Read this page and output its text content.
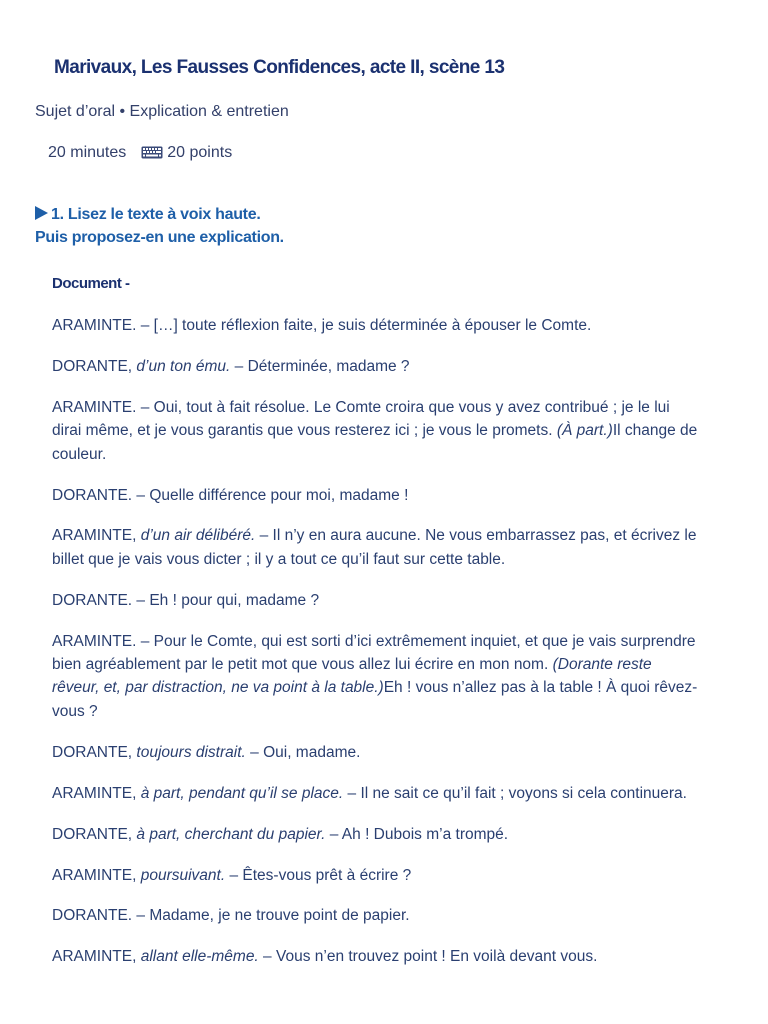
Marivaux, Les Fausses Confidences, acte II, scène 13
Sujet d’oral • Explication & entretien
20 minutes	20 points
1. Lisez le texte à voix haute.
Puis proposez-en une explication.
Document -

ARAMINTE. – […] toute réflexion faite, je suis déterminée à épouser le Comte.

DORANTE, d’un ton ému. – Déterminée, madame ?

ARAMINTE. – Oui, tout à fait résolue. Le Comte croira que vous y avez contribué ; je le lui dirai même, et je vous garantis que vous resterez ici ; je vous le promets. (À part.)Il change de couleur.

DORANTE. – Quelle différence pour moi, madame !

ARAMINTE, d’un air délibéré. – Il n’y en aura aucune. Ne vous embarrassez pas, et écrivez le billet que je vais vous dicter ; il y a tout ce qu’il faut sur cette table.

DORANTE. – Eh ! pour qui, madame ?

ARAMINTE. – Pour le Comte, qui est sorti d’ici extrêmement inquiet, et que je vais surprendre bien agréablement par le petit mot que vous allez lui écrire en mon nom. (Dorante reste rêveur, et, par distraction, ne va point à la table.)Eh ! vous n’allez pas à la table ! À quoi rêvez-vous ?

DORANTE, toujours distrait. – Oui, madame.

ARAMINTE, à part, pendant qu’il se place. – Il ne sait ce qu’il fait ; voyons si cela continuera.

DORANTE, à part, cherchant du papier. – Ah ! Dubois m’a trompé.

ARAMINTE, poursuivant. – Êtes-vous prêt à écrire ?

DORANTE. – Madame, je ne trouve point de papier.

ARAMINTE, allant elle-même. – Vous n’en trouvez point ! En voilà devant vous.
